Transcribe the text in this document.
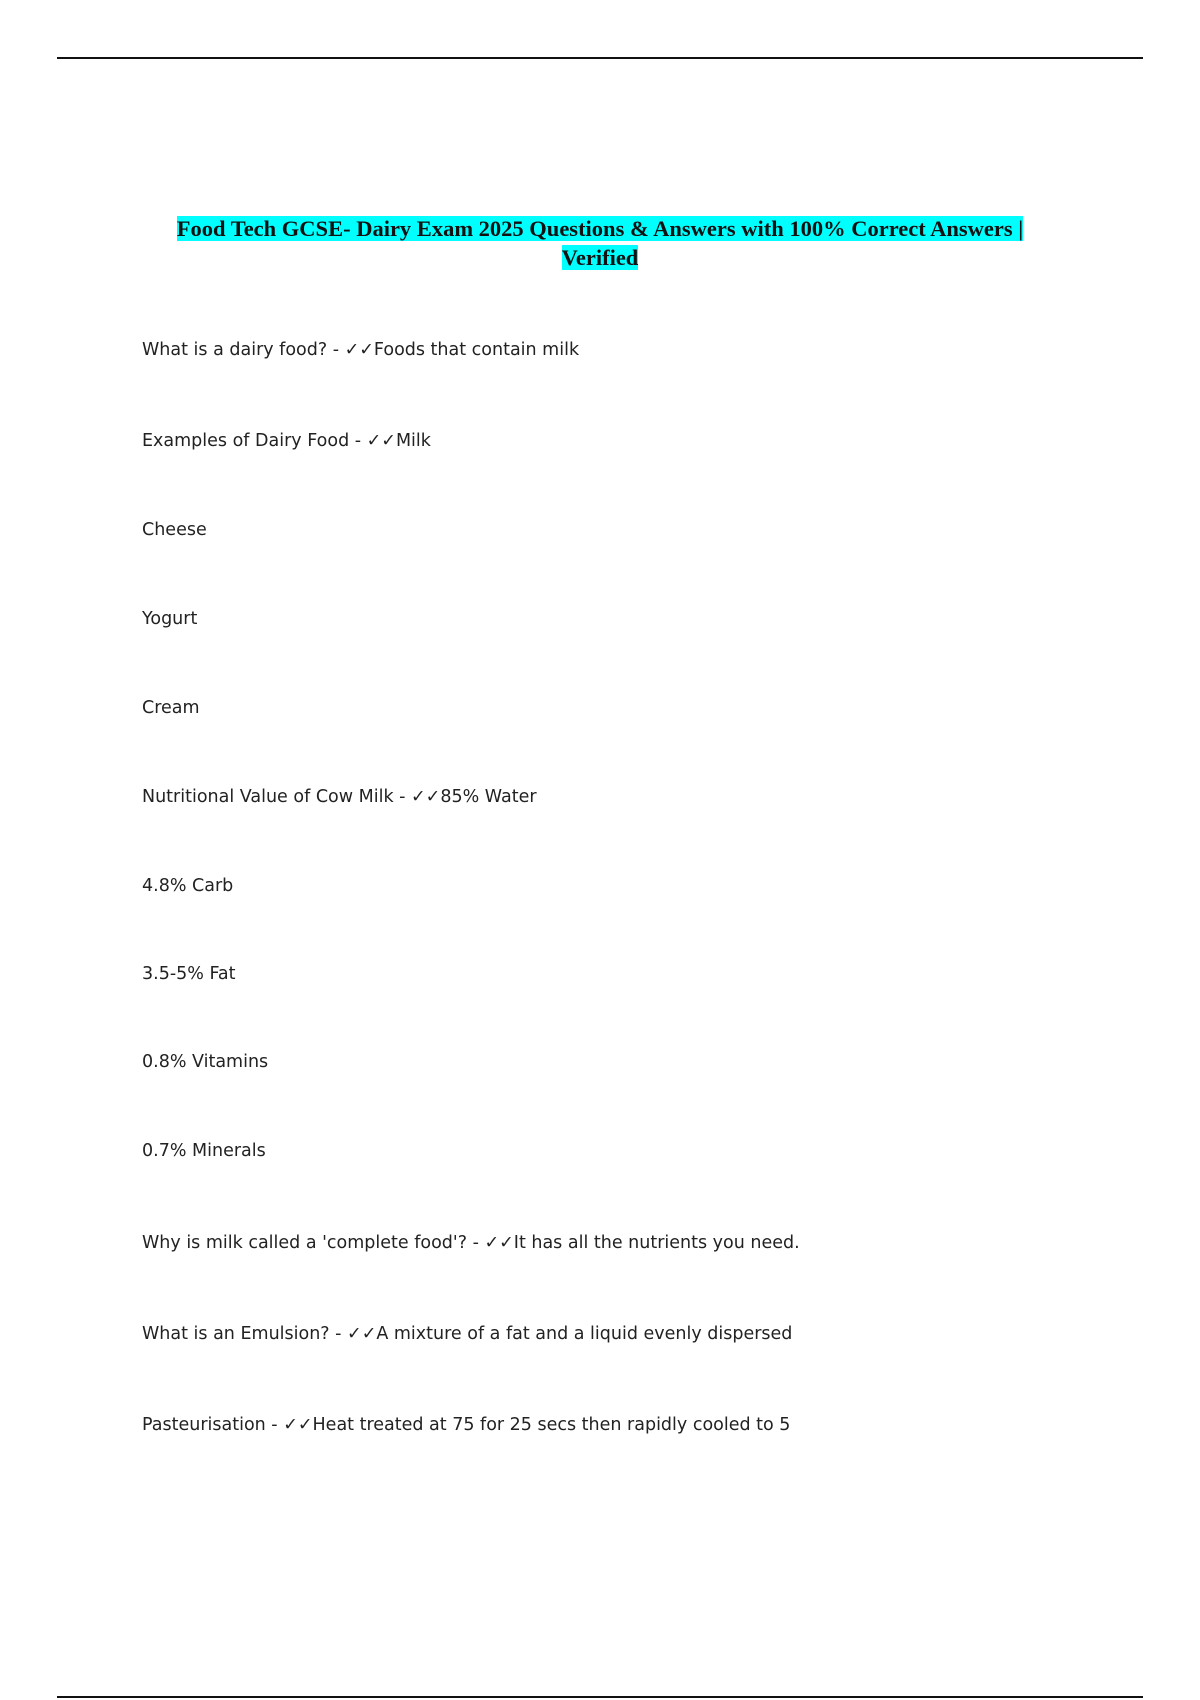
Food Tech GCSE- Dairy Exam 2025 Questions & Answers with 100% Correct Answers |
Verified
What is a dairy food? - ✓✓Foods that contain milk
Examples of Dairy Food - ✓✓Milk
Cheese
Yogurt
Cream
Nutritional Value of Cow Milk - ✓✓85% Water
4.8% Carb
3.5-5% Fat
0.8% Vitamins
0.7% Minerals
Why is milk called a 'complete food'? - ✓✓It has all the nutrients you need.
What is an Emulsion? - ✓✓A mixture of a fat and a liquid evenly dispersed
Pasteurisation - ✓✓Heat treated at 75 for 25 secs then rapidly cooled to 5
